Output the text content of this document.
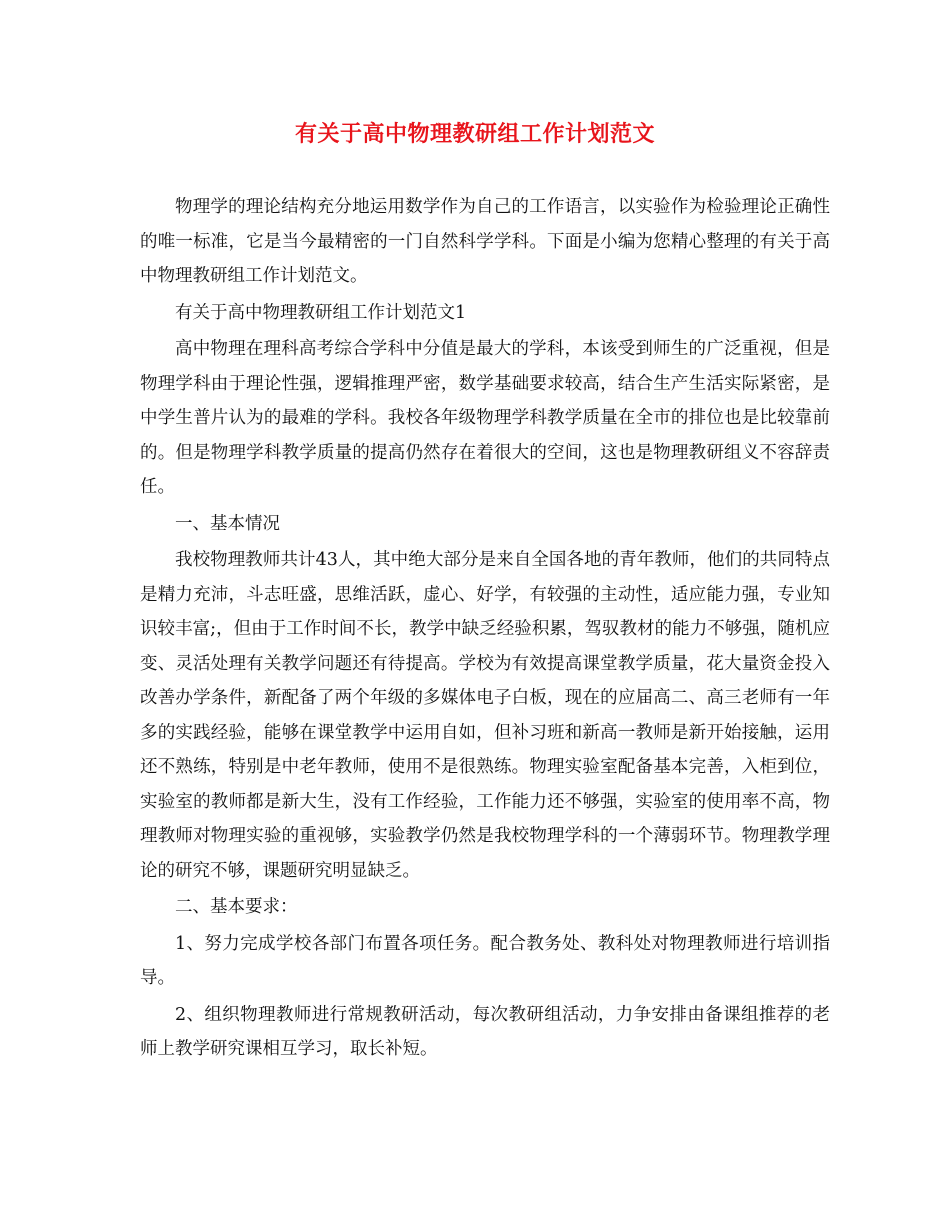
有关于高中物理教研组工作计划范文

物理学的理论结构充分地运用数学作为自己的工作语言，以实验作为检验理论正确性的唯一标准，它是当今最精密的一门自然科学学科。下面是小编为您精心整理的有关于高中物理教研组工作计划范文。

有关于高中物理教研组工作计划范文1

高中物理在理科高考综合学科中分值是最大的学科，本该受到师生的广泛重视，但是物理学科由于理论性强，逻辑推理严密，数学基础要求较高，结合生产生活实际紧密，是中学生普片认为的最难的学科。我校各年级物理学科教学质量在全市的排位也是比较靠前的。但是物理学科教学质量的提高仍然存在着很大的空间，这也是物理教研组义不容辞责任。

一、基本情况

我校物理教师共计43人，其中绝大部分是来自全国各地的青年教师，他们的共同特点是精力充沛，斗志旺盛，思维活跃，虚心、好学，有较强的主动性，适应能力强，专业知识较丰富;，但由于工作时间不长，教学中缺乏经验积累，驾驭教材的能力不够强，随机应变、灵活处理有关教学问题还有待提高。学校为有效提高课堂教学质量，花大量资金投入改善办学条件，新配备了两个年级的多媒体电子白板，现在的应届高二、高三老师有一年多的实践经验，能够在课堂教学中运用自如，但补习班和新高一教师是新开始接触，运用还不熟练，特别是中老年教师，使用不是很熟练。物理实验室配备基本完善，入柜到位，实验室的教师都是新大生，没有工作经验，工作能力还不够强，实验室的使用率不高，物理教师对物理实验的重视够，实验教学仍然是我校物理学科的一个薄弱环节。物理教学理论的研究不够，课题研究明显缺乏。

二、基本要求：

1、努力完成学校各部门布置各项任务。配合教务处、教科处对物理教师进行培训指导。

2、组织物理教师进行常规教研活动，每次教研组活动，力争安排由备课组推荐的老师上教学研究课相互学习，取长补短。
